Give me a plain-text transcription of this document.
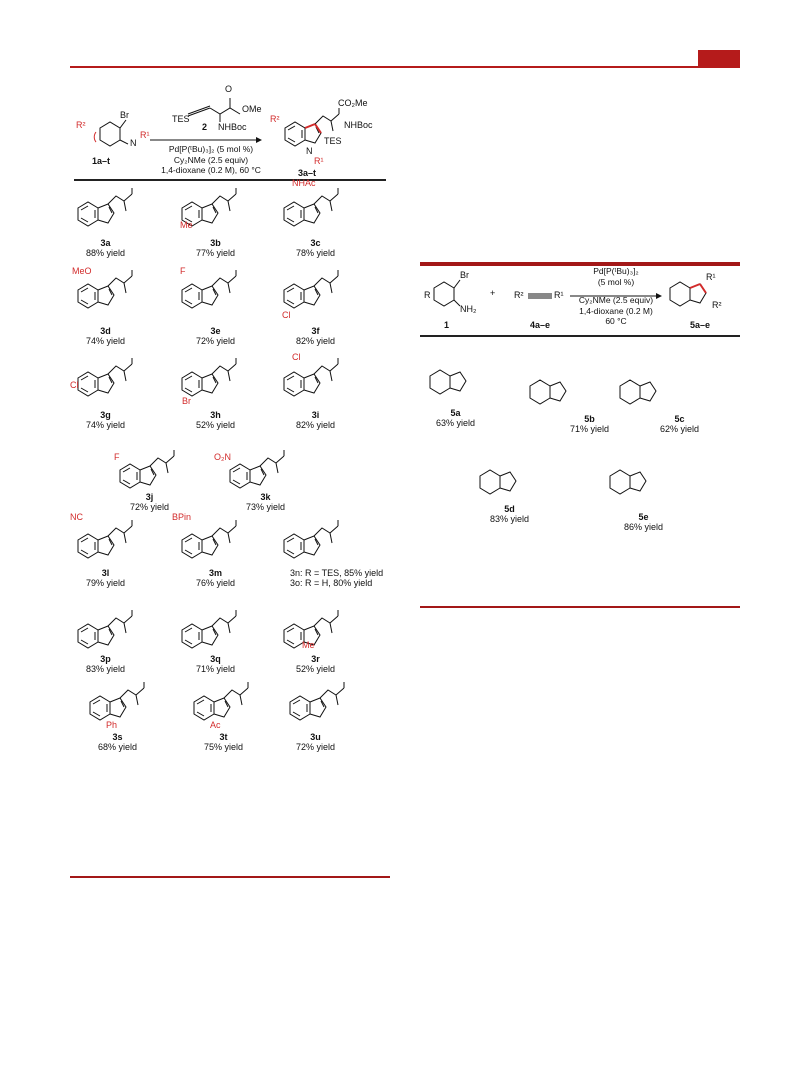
R²
Br
N
R¹
1a–t
TES
O
OMe
NHBoc
2
Pd[P(ᵗBu)₃]₂ (5 mol %)
Cy₂NMe (2.5 equiv)
1,4-dioxane (0.2 M), 60 °C
CO₂Me
NHBoc
TES
R²
R¹
N
3a–t
3a
88% yield
3b
77% yield
3c
78% yield
Me
NHAc
3d
74% yield
3e
72% yield
3f
82% yield
MeO	F
Cl
3g
74% yield
3h
52% yield
3i
82% yield
Cl
Br
Cl
3j
72% yield
3k
73% yield
F	O₂N
3l
79% yield
3m
76% yield
3n: R = TES, 85% yield
3o: R = H, 80% yield
NC	BPin
3p
83% yield
3q
71% yield
3r
52% yield
Me
3s
68% yield
3t
75% yield
3u
72% yield
Ph	Ac
R
Br
NH₂
1
+ R²	R¹
4a–e
Pd[P(ᵗBu)₃]₂
(5 mol %)
Cy₂NMe (2.5 equiv)
1,4-dioxane (0.2 M)
60 °C
R¹
R²
5a–e
5a
63% yield	5b
71% yield
5c
62% yield
5d
83% yield	5e
86% yield
